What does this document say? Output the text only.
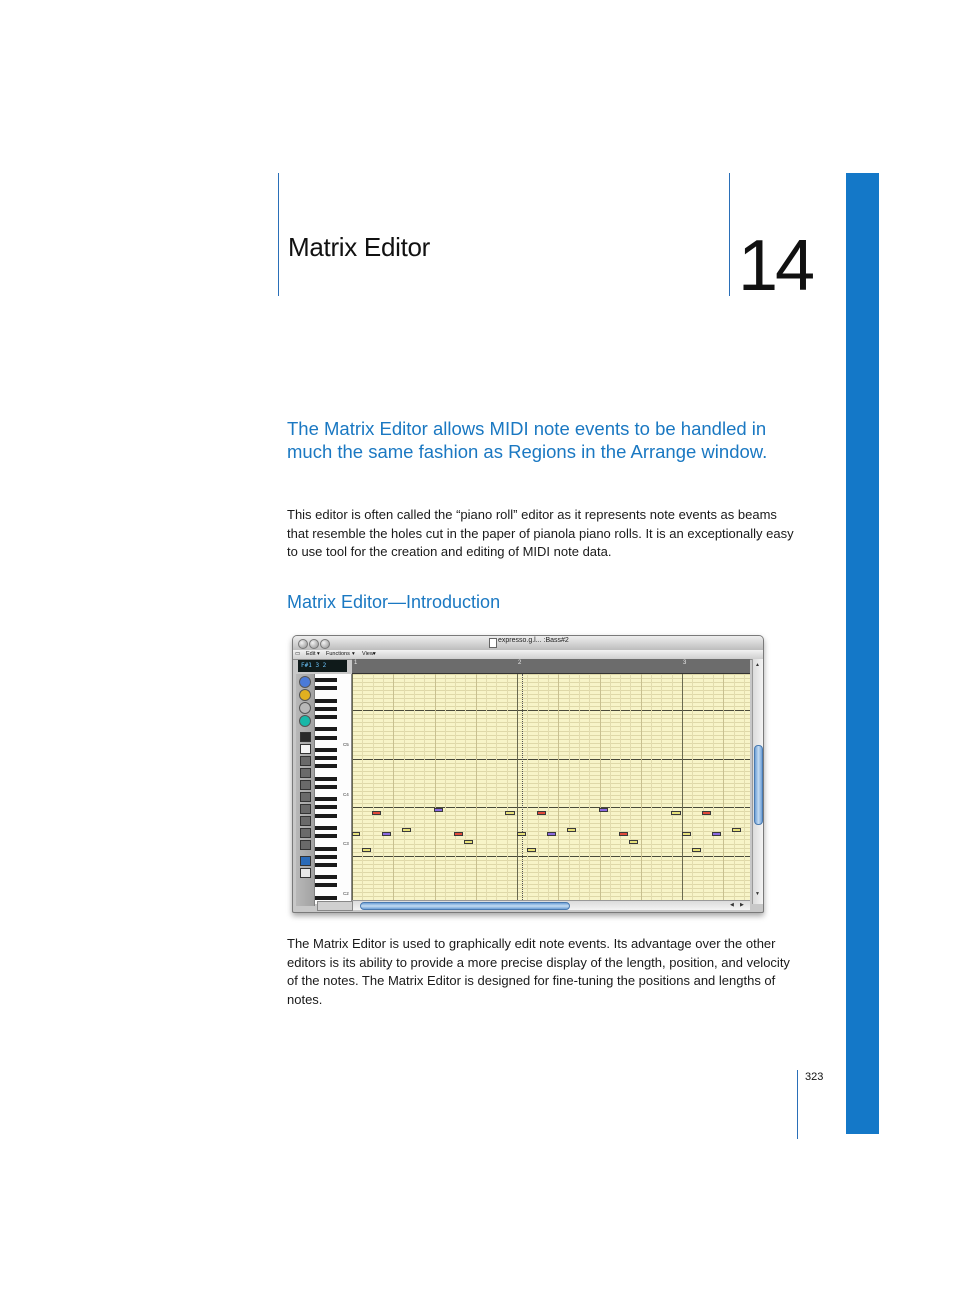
Matrix Editor	14
The Matrix Editor allows MIDI note events to be handled in much the same fashion as Regions in the Arrange window.
This editor is often called the “piano roll” editor as it represents note events as beams that resemble the holes cut in the paper of pianola piano rolls. It is an exceptionally easy to use tool for the creation and editing of MIDI note data.
Matrix Editor—Introduction
expresso.g.l... :Bass#2
▭ Edit ▾ Functions ▾ View ▾
F#1 3 2
C5
C4
C3
C2
1	2	3	▲
▼
◀ ▶
The Matrix Editor is used to graphically edit note events. Its advantage over the other editors is its ability to provide a more precise display of the length, position, and velocity of the notes. The Matrix Editor is designed for fine-tuning the positions and lengths of notes.
323
